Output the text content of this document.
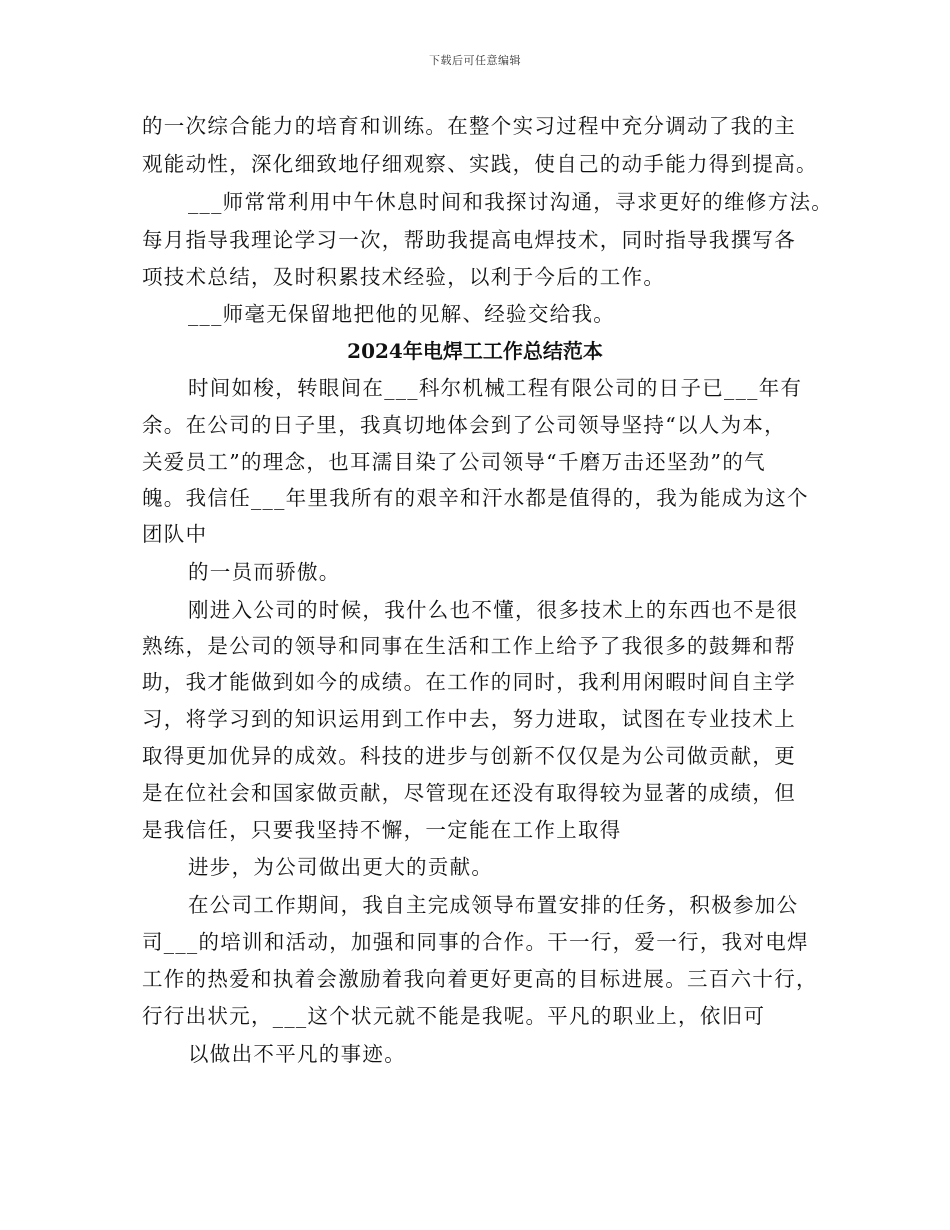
下载后可任意编辑
的一次综合能力的培育和训练。在整个实习过程中充分调动了我的主
观能动性，深化细致地仔细观察、实践，使自己的动手能力得到提高。
___师常常利用中午休息时间和我探讨沟通，寻求更好的维修方法。
每月指导我理论学习一次，帮助我提高电焊技术，同时指导我撰写各
项技术总结，及时积累技术经验，以利于今后的工作。
___师毫无保留地把他的见解、经验交给我。
2024年电焊工工作总结范本
时间如梭，转眼间在___科尔机械工程有限公司的日子已___年有
余。在公司的日子里，我真切地体会到了公司领导坚持“以人为本，
关爱员工”的理念，也耳濡目染了公司领导“千磨万击还坚劲”的气
魄。我信任___年里我所有的艰辛和汗水都是值得的，我为能成为这个
团队中
的一员而骄傲。
刚进入公司的时候，我什么也不懂，很多技术上的东西也不是很
熟练，是公司的领导和同事在生活和工作上给予了我很多的鼓舞和帮
助，我才能做到如今的成绩。在工作的同时，我利用闲暇时间自主学
习，将学习到的知识运用到工作中去，努力进取，试图在专业技术上
取得更加优异的成效。科技的进步与创新不仅仅是为公司做贡献，更
是在位社会和国家做贡献，尽管现在还没有取得较为显著的成绩，但
是我信任，只要我坚持不懈，一定能在工作上取得
进步，为公司做出更大的贡献。
在公司工作期间，我自主完成领导布置安排的任务，积极参加公
司___的培训和活动，加强和同事的合作。干一行，爱一行，我对电焊
工作的热爱和执着会激励着我向着更好更高的目标进展。三百六十行，
行行出状元，___这个状元就不能是我呢。平凡的职业上，依旧可
以做出不平凡的事迹。
